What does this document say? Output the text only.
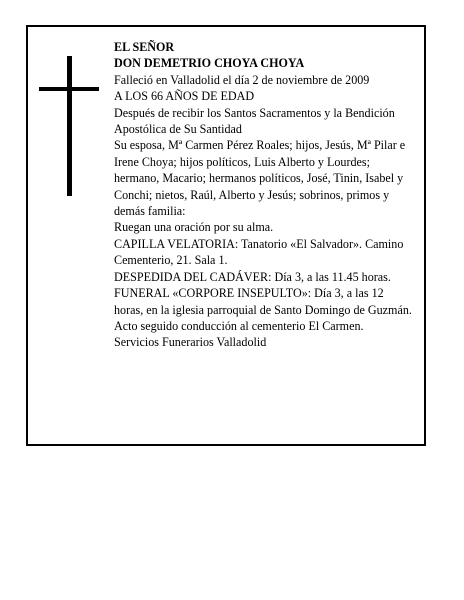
EL SEÑOR

DON DEMETRIO CHOYA CHOYA

Falleció en Valladolid el día 2 de noviembre de 2009

A LOS 66 AÑOS DE EDAD

Después de recibir los Santos Sacramentos y la Bendición Apostólica de Su Santidad

Su esposa, Mª Carmen Pérez Roales; hijos, Jesús, Mª Pilar e Irene Choya; hijos políticos, Luis Alberto y Lourdes; hermano, Macario; hermanos políticos, José, Tinin, Isabel y Conchi; nietos, Raúl, Alberto y Jesús; sobrinos, primos y demás familia:

Ruegan una oración por su alma.

CAPILLA VELATORIA: Tanatorio «El Salvador». Camino Cementerio, 21. Sala 1.

DESPEDIDA DEL CADÁVER: Día 3, a las 11.45 horas.

FUNERAL «CORPORE INSEPULTO»: Día 3, a las 12 horas, en la iglesia parroquial de Santo Domingo de Guzmán. Acto seguido conducción al cementerio El Carmen.

Servicios Funerarios Valladolid
